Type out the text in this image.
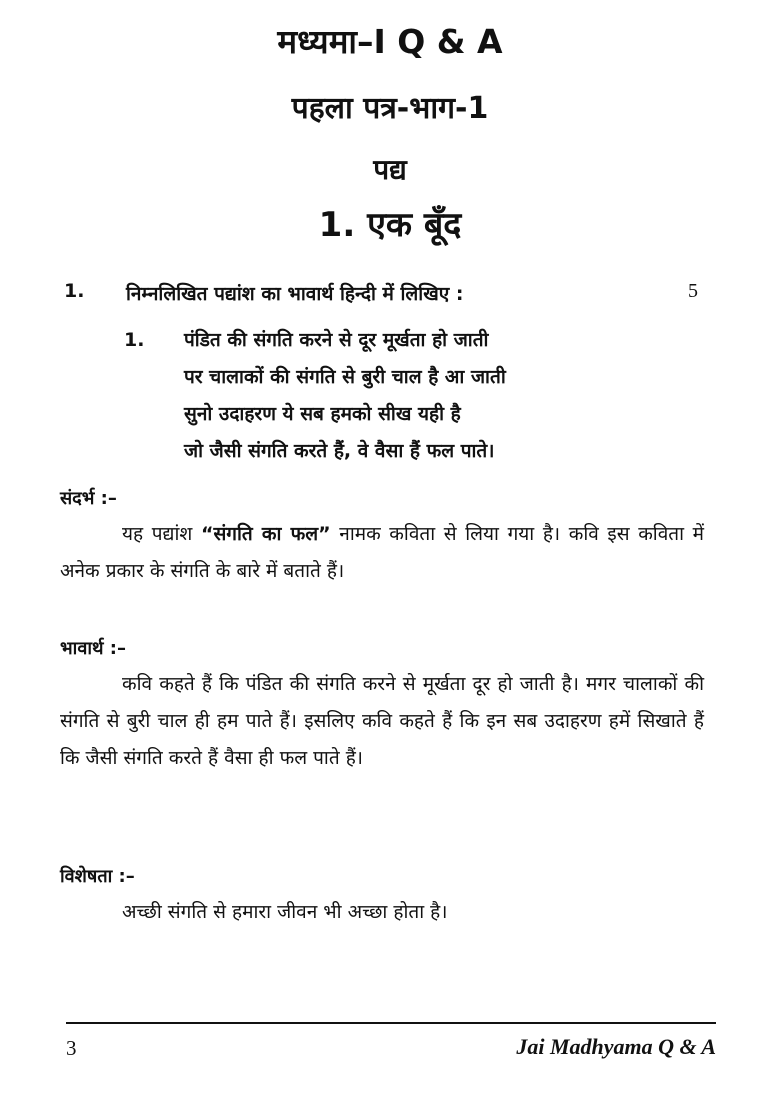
मध्यमा–I Q & A
पहला पत्र-भाग-1
पद्य
1. एक बूँद
1. निम्नलिखित पद्यांश का भावार्थ हिन्दी में लिखिए :	5
1. पंडित की संगति करने से दूर मूर्खता हो जाती
पर चालाकों की संगति से बुरी चाल है आ जाती
सुनो उदाहरण ये सब हमको सीख यही है
जो जैसी संगति करते हैं, वे वैसा हैं फल पाते।
संदर्भ :–
यह पद्यांश “संगति का फल” नामक कविता से लिया गया है। कवि इस कविता में अनेक प्रकार के संगति के बारे में बताते हैं।
भावार्थ :–
कवि कहते हैं कि पंडित की संगति करने से मूर्खता दूर हो जाती है। मगर चालाकों की संगति से बुरी चाल ही हम पाते हैं। इसलिए कवि कहते हैं कि इन सब उदाहरण हमें सिखाते हैं कि जैसी संगति करते हैं वैसा ही फल पाते हैं।
विशेषता :–
अच्छी संगति से हमारा जीवन भी अच्छा होता है।
3	Jai Madhyama Q & A
